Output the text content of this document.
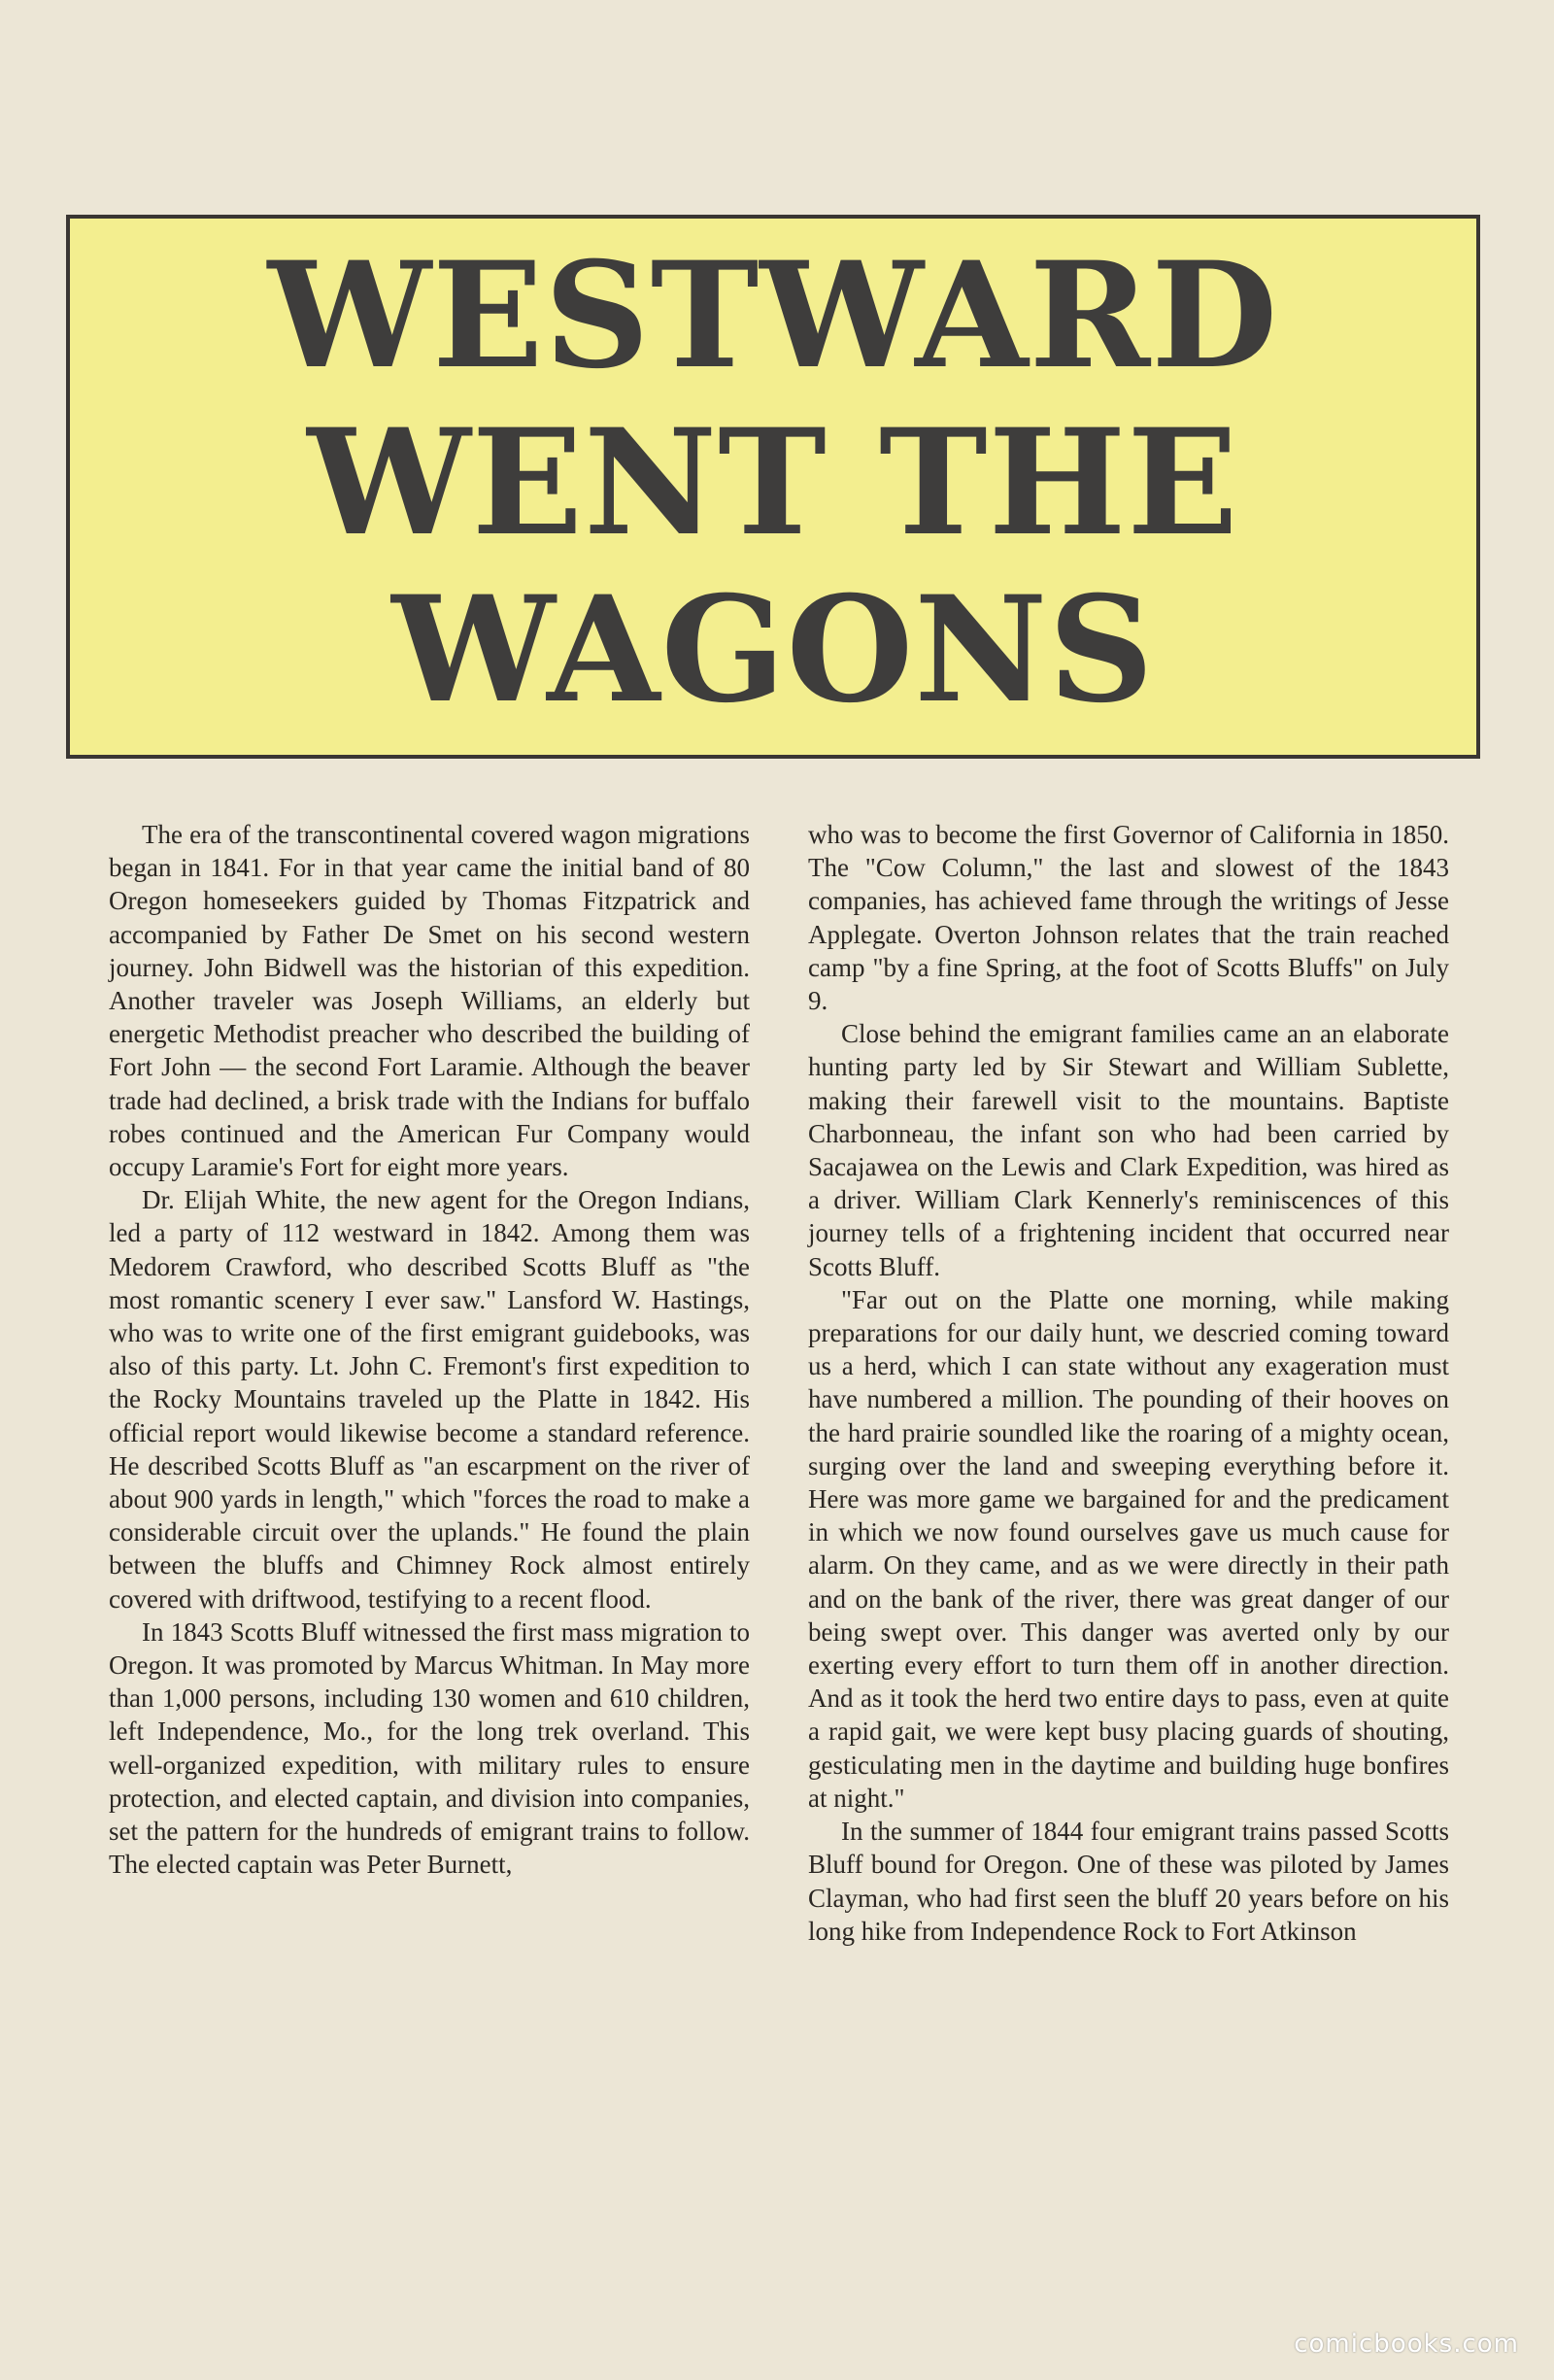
WESTWARD
WENT THE
WAGONS

The era of the transcontinental covered wagon migrations began in 1841. For in that year came the initial band of 80 Oregon homeseekers guided by Thomas Fitzpatrick and accompanied by Father De Smet on his second western journey. John Bidwell was the historian of this expedition. Another traveler was Joseph Williams, an elderly but energetic Methodist preacher who described the building of Fort John — the second Fort Laramie. Although the beaver trade had declined, a brisk trade with the Indians for buffalo robes continued and the American Fur Company would occupy Laramie's Fort for eight more years.

Dr. Elijah White, the new agent for the Oregon Indians, led a party of 112 westward in 1842. Among them was Medorem Crawford, who described Scotts Bluff as "the most romantic scenery I ever saw." Lansford W. Hastings, who was to write one of the first emigrant guidebooks, was also of this party. Lt. John C. Fremont's first expedition to the Rocky Mountains traveled up the Platte in 1842. His official report would likewise become a standard reference. He described Scotts Bluff as "an escarpment on the river of about 900 yards in length," which "forces the road to make a considerable circuit over the uplands." He found the plain between the bluffs and Chimney Rock almost entirely covered with driftwood, testifying to a recent flood.

In 1843 Scotts Bluff witnessed the first mass migration to Oregon. It was promoted by Marcus Whitman. In May more than 1,000 persons, including 130 women and 610 children, left Independence, Mo., for the long trek overland. This well-organized expedition, with military rules to ensure protection, and elected captain, and division into companies, set the pattern for the hundreds of emigrant trains to follow. The elected captain was Peter Burnett,

who was to become the first Governor of California in 1850. The "Cow Column," the last and slowest of the 1843 companies, has achieved fame through the writings of Jesse Applegate. Overton Johnson relates that the train reached camp "by a fine Spring, at the foot of Scotts Bluffs" on July 9.

Close behind the emigrant families came an an elaborate hunting party led by Sir Stewart and William Sublette, making their farewell visit to the mountains. Baptiste Charbonneau, the infant son who had been carried by Sacajawea on the Lewis and Clark Expedition, was hired as a driver. William Clark Kennerly's reminiscences of this journey tells of a frightening incident that occurred near Scotts Bluff.

"Far out on the Platte one morning, while making preparations for our daily hunt, we descried coming toward us a herd, which I can state without any exageration must have numbered a million. The pounding of their hooves on the hard prairie soundled like the roaring of a mighty ocean, surging over the land and sweeping everything before it. Here was more game we bargained for and the predicament in which we now found ourselves gave us much cause for alarm. On they came, and as we were directly in their path and on the bank of the river, there was great danger of our being swept over. This danger was averted only by our exerting every effort to turn them off in another direction. And as it took the herd two entire days to pass, even at quite a rapid gait, we were kept busy placing guards of shouting, gesticulating men in the daytime and building huge bonfires at night."

In the summer of 1844 four emigrant trains passed Scotts Bluff bound for Oregon. One of these was piloted by James Clayman, who had first seen the bluff 20 years before on his long hike from Independence Rock to Fort Atkinson

comicbooks.com
